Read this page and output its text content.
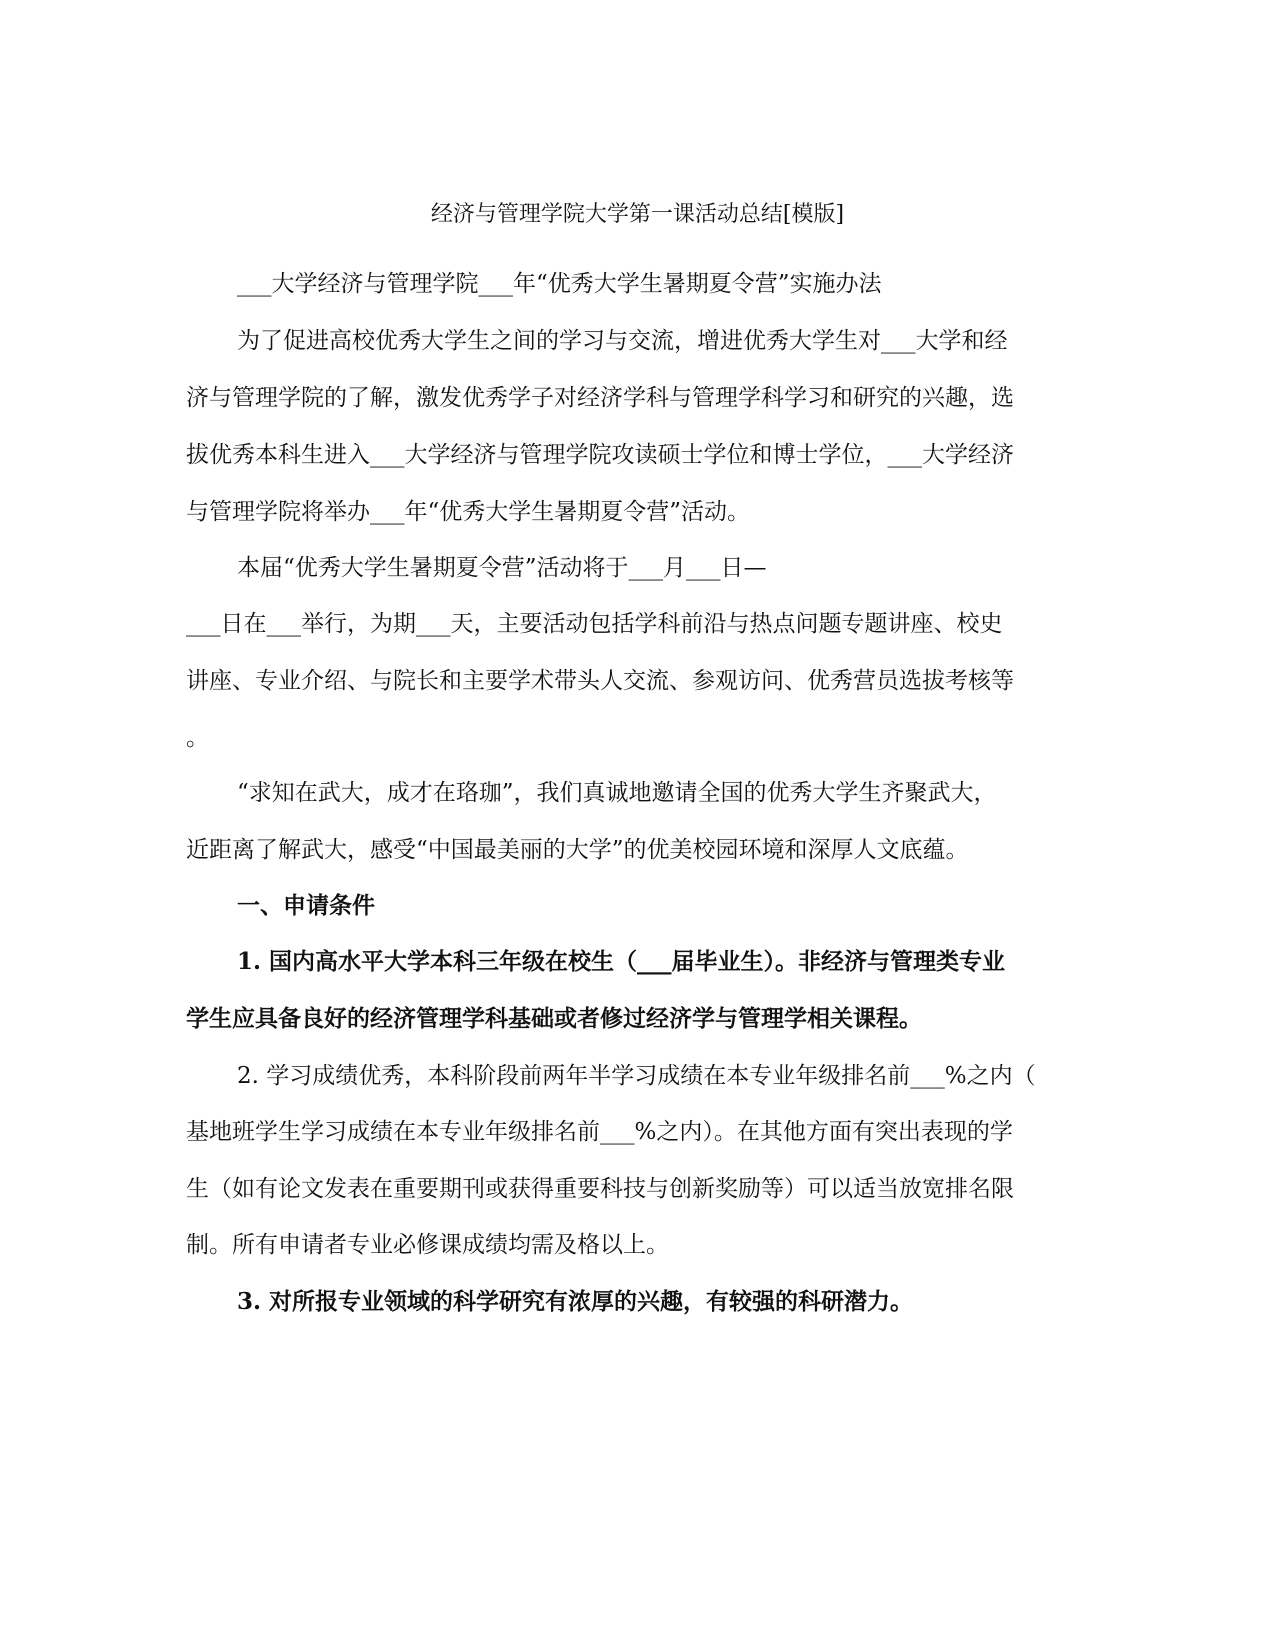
经济与管理学院大学第一课活动总结[模版]
___大学经济与管理学院___年“优秀大学生暑期夏令营”实施办法
为了促进高校优秀大学生之间的学习与交流，增进优秀大学生对___大学和经
济与管理学院的了解，激发优秀学子对经济学科与管理学科学习和研究的兴趣，选
拔优秀本科生进入___大学经济与管理学院攻读硕士学位和博士学位，___大学经济
与管理学院将举办___年“优秀大学生暑期夏令营”活动。
本届“优秀大学生暑期夏令营”活动将于___月___日—
___日在___举行，为期___天，主要活动包括学科前沿与热点问题专题讲座、校史
讲座、专业介绍、与院长和主要学术带头人交流、参观访问、优秀营员选拔考核等
。
“求知在武大，成才在珞珈”，我们真诚地邀请全国的优秀大学生齐聚武大，
近距离了解武大，感受“中国最美丽的大学”的优美校园环境和深厚人文底蕴。
一、申请条件
1. 国内高水平大学本科三年级在校生（___届毕业生）。非经济与管理类专业
学生应具备良好的经济管理学科基础或者修过经济学与管理学相关课程。
2. 学习成绩优秀，本科阶段前两年半学习成绩在本专业年级排名前___%之内（
基地班学生学习成绩在本专业年级排名前___%之内）。在其他方面有突出表现的学
生（如有论文发表在重要期刊或获得重要科技与创新奖励等）可以适当放宽排名限
制。所有申请者专业必修课成绩均需及格以上。
3. 对所报专业领域的科学研究有浓厚的兴趣，有较强的科研潜力。
